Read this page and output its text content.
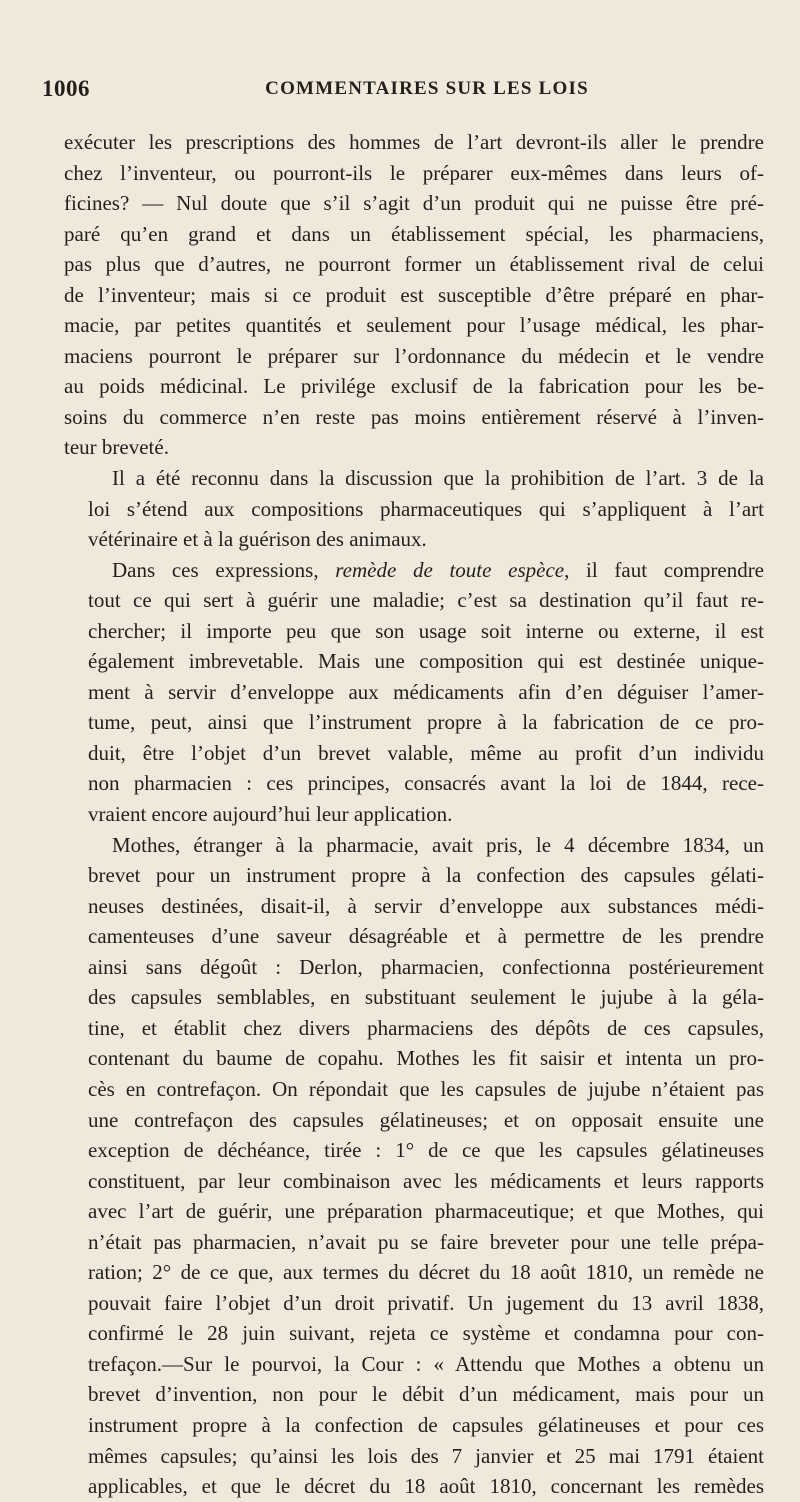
1006	COMMENTAIRES SUR LES LOIS

exécuter les prescriptions des hommes de l’art devront-ils aller le prendre
chez l’inventeur, ou pourront-ils le préparer eux-mêmes dans leurs of-
ficines? — Nul doute que s’il s’agit d’un produit qui ne puisse être pré-
paré qu’en grand et dans un établissement spécial, les pharmaciens,
pas plus que d’autres, ne pourront former un établissement rival de celui
de l’inventeur; mais si ce produit est susceptible d’être préparé en phar-
macie, par petites quantités et seulement pour l’usage médical, les phar-
maciens pourront le préparer sur l’ordonnance du médecin et le vendre
au poids médicinal. Le privilége exclusif de la fabrication pour les be-
soins du commerce n’en reste pas moins entièrement réservé à l’inven-
teur breveté.

Il a été reconnu dans la discussion que la prohibition de l’art. 3 de la
loi s’étend aux compositions pharmaceutiques qui s’appliquent à l’art
vétérinaire et à la guérison des animaux.

Dans ces expressions, remède de toute espèce, il faut comprendre
tout ce qui sert à guérir une maladie; c’est sa destination qu’il faut re-
chercher; il importe peu que son usage soit interne ou externe, il est
également imbrevetable. Mais une composition qui est destinée unique-
ment à servir d’enveloppe aux médicaments afin d’en déguiser l’amer-
tume, peut, ainsi que l’instrument propre à la fabrication de ce pro-
duit, être l’objet d’un brevet valable, même au profit d’un individu
non pharmacien : ces principes, consacrés avant la loi de 1844, rece-
vraient encore aujourd’hui leur application.

Mothes, étranger à la pharmacie, avait pris, le 4 décembre 1834, un
brevet pour un instrument propre à la confection des capsules gélati-
neuses destinées, disait-il, à servir d’enveloppe aux substances médi-
camenteuses d’une saveur désagréable et à permettre de les prendre
ainsi sans dégoût : Derlon, pharmacien, confectionna postérieurement
des capsules semblables, en substituant seulement le jujube à la géla-
tine, et établit chez divers pharmaciens des dépôts de ces capsules,
contenant du baume de copahu. Mothes les fit saisir et intenta un pro-
cès en contrefaçon. On répondait que les capsules de jujube n’étaient pas
une contrefaçon des capsules gélatineuses; et on opposait ensuite une
exception de déchéance, tirée : 1° de ce que les capsules gélatineuses
constituent, par leur combinaison avec les médicaments et leurs rapports
avec l’art de guérir, une préparation pharmaceutique; et que Mothes, qui
n’était pas pharmacien, n’avait pu se faire breveter pour une telle prépa-
ration; 2° de ce que, aux termes du décret du 18 août 1810, un remède ne
pouvait faire l’objet d’un droit privatif. Un jugement du 13 avril 1838,
confirmé le 28 juin suivant, rejeta ce système et condamna pour con-
trefaçon.—Sur le pourvoi, la Cour : « Attendu que Mothes a obtenu un
brevet d’invention, non pour le débit d’un médicament, mais pour un
instrument propre à la confection de capsules gélatineuses et pour ces
mêmes capsules; qu’ainsi les lois des 7 janvier et 25 mai 1791 étaient
applicables, et que le décret du 18 août 1810, concernant les remèdes
